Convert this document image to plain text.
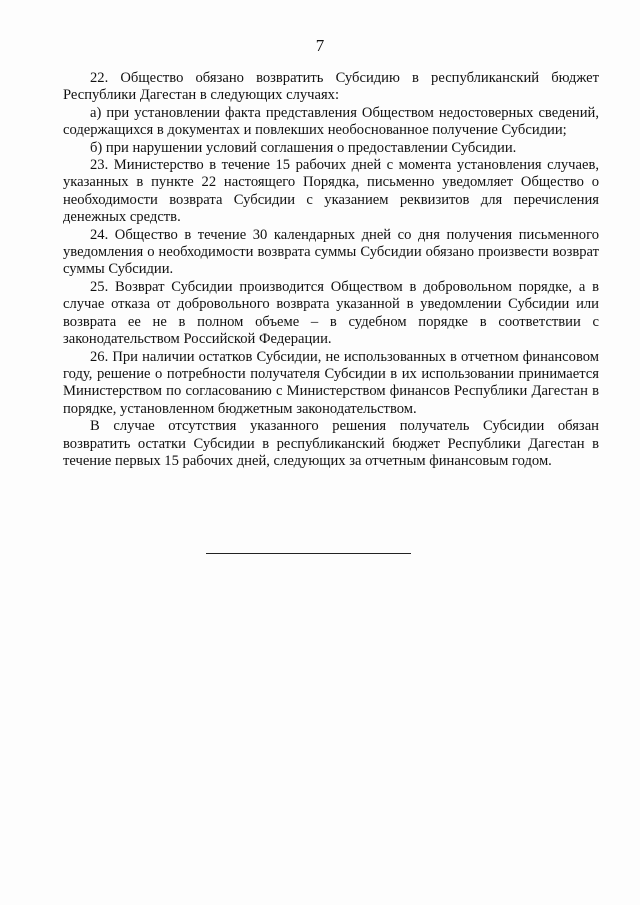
7

22. Общество обязано возвратить Субсидию в республиканский бюджет Республики Дагестан в следующих случаях:

а) при установлении факта представления Обществом недостоверных сведений, содержащихся в документах и повлекших необоснованное получение Субсидии;

б) при нарушении условий соглашения о предоставлении Субсидии.

23. Министерство в течение 15 рабочих дней с момента установления случаев, указанных в пункте 22 настоящего Порядка, письменно уведомляет Общество о необходимости возврата Субсидии с указанием реквизитов для перечисления денежных средств.

24. Общество в течение 30 календарных дней со дня получения письменного уведомления о необходимости возврата суммы Субсидии обязано произвести возврат суммы Субсидии.

25. Возврат Субсидии производится Обществом в добровольном порядке, а в случае отказа от добровольного возврата указанной в уведомлении Субсидии или возврата ее не в полном объеме – в судебном порядке в соответствии с законодательством Российской Федерации.

26. При наличии остатков Субсидии, не использованных в отчетном финансовом году, решение о потребности получателя Субсидии в их использовании принимается Министерством по согласованию с Министерством финансов Республики Дагестан в порядке, установленном бюджетным законодательством.

В случае отсутствия указанного решения получатель Субсидии обязан возвратить остатки Субсидии в республиканский бюджет Республики Дагестан в течение первых 15 рабочих дней, следующих за отчетным финансовым годом.
